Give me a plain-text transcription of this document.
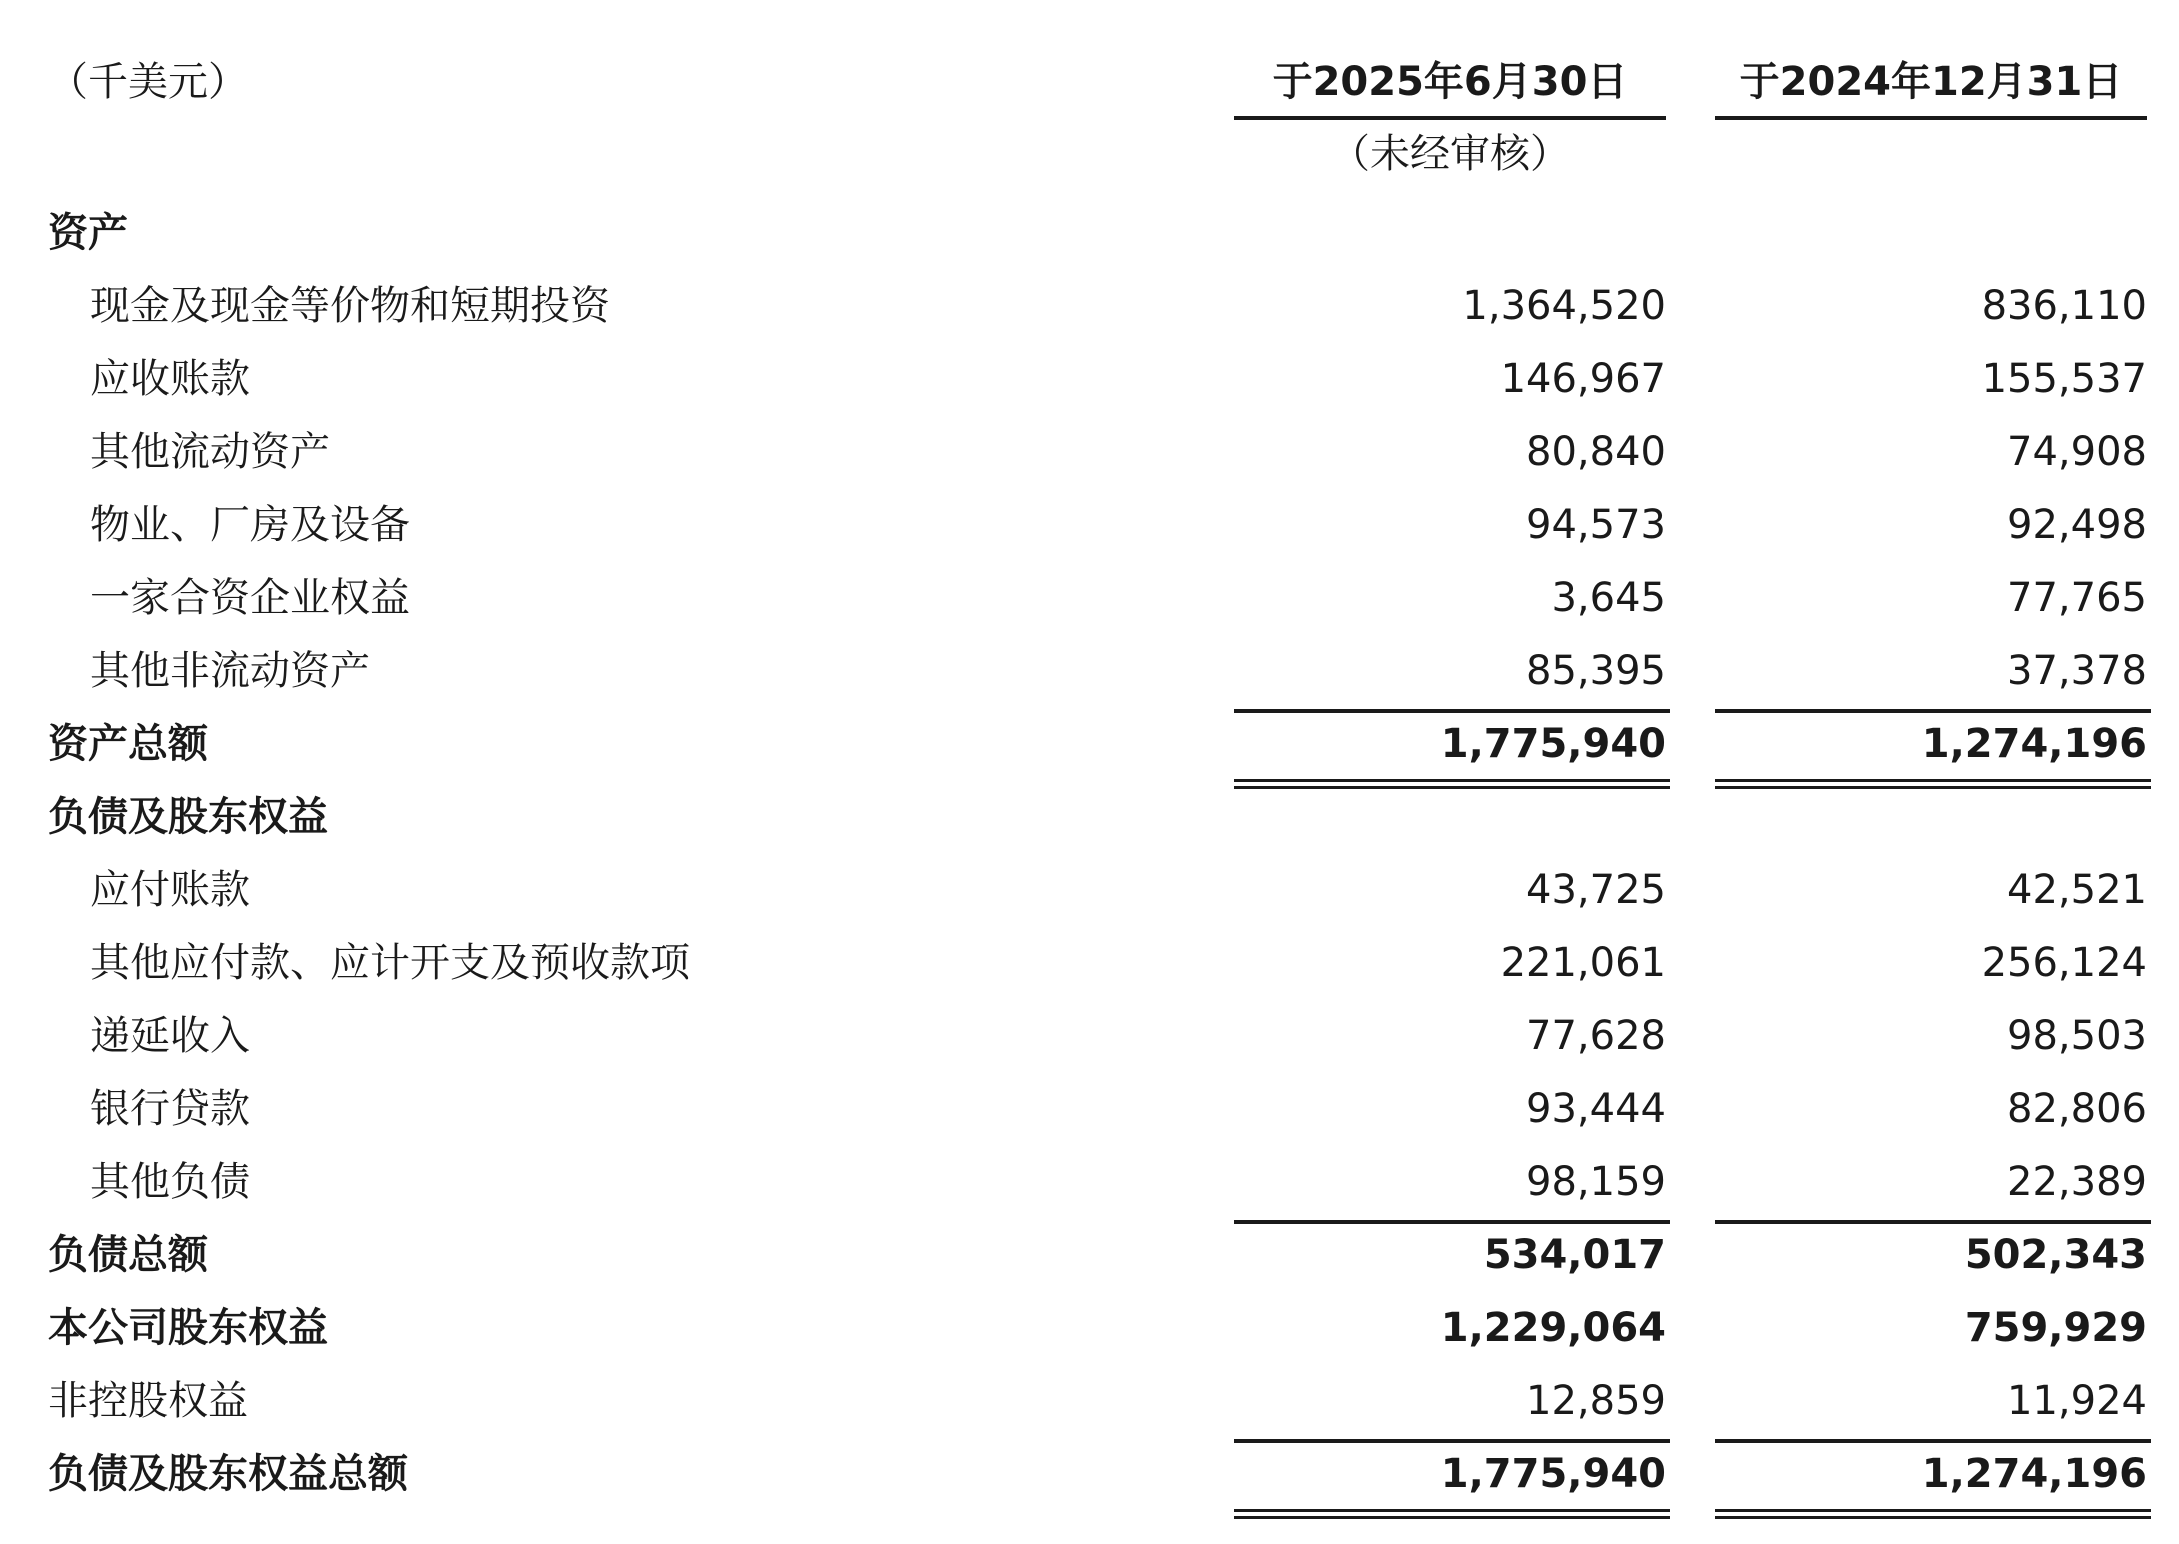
（千美元）	于2025年6月30日	于2024年12月31日
（未经审核）
资产
现金及现金等价物和短期投资	1,364,520	836,110
应收账款	146,967	155,537
其他流动资产	80,840	74,908
物业、厂房及设备	94,573	92,498
一家合资企业权益	3,645	77,765
其他非流动资产	85,395	37,378
资产总额	1,775,940	1,274,196
负债及股东权益
应付账款	43,725	42,521
其他应付款、应计开支及预收款项	221,061	256,124
递延收入	77,628	98,503
银行贷款	93,444	82,806
其他负债	98,159	22,389
负债总额	534,017	502,343
本公司股东权益	1,229,064	759,929
非控股权益	12,859	11,924
负债及股东权益总额	1,775,940	1,274,196
